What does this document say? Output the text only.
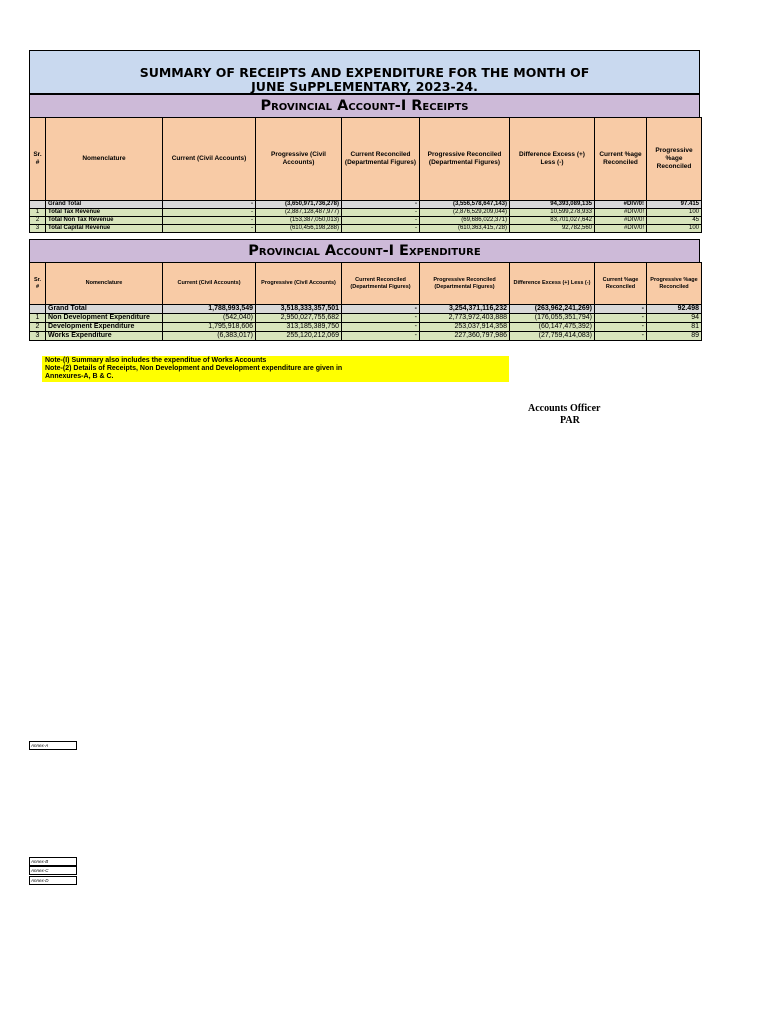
SUMMARY OF RECEIPTS AND EXPENDITURE FOR THE MONTH OF
JUNE SuPPLEMENTARY, 2023-24.
Provincial Account-I Receipts
Sr. #	Nomenclature	Current (Civil Accounts)	Progressive (Civil Accounts)	Current Reconciled (Departmental Figures)	Progressive Reconciled (Departmental Figures)	Difference Excess (+) Less (-)	Current %age Reconciled	Progressive %age Reconciled
	Grand Total	-	(3,650,971,736,278)	-	(3,556,578,647,143)	94,393,089,135	#DIV/0!	97.415
1	Total Tax Revenue	-	(2,887,128,487,977)	-	(2,876,529,209,044)	10,599,278,933	#DIV/0!	100
2	Total Non Tax Revenue	-	(153,387,050,013)	-	(69,686,022,371)	83,701,027,642	#DIV/0!	45
3	Total Capital Revenue	-	(610,456,198,288)	-	(610,363,415,728)	92,782,560	#DIV/0!	100
Provincial Account-I Expenditure
Sr. #	Nomenclature	Current (Civil Accounts)	Progressive (Civil Accounts)	Current Reconciled (Departmental Figures)	Progressive Reconciled (Departmental Figures)	Difference Excess (+) Less (-)	Current %age Reconciled	Progressive %age Reconciled
	Grand Total	1,788,993,549	3,518,333,357,501	-	3,254,371,116,232	(263,962,241,269)	-	92.498
1	Non Development Expenditure	(542,040)	2,950,027,755,682	-	2,773,972,403,888	(176,055,351,794)	-	94
2	Development Expenditure	1,795,918,606	313,185,389,750	-	253,037,914,358	(60,147,475,392)	-	81
3	Works Expenditure	(6,383,017)	255,120,212,069	-	227,360,797,986	(27,759,414,083)	-	89
Note-(I) Summary also includes the expenditue of Works Accounts
Note-(2) Details of Receipts, Non Development and Development expenditure are given in
Annexures-A, B & C.
Accounts Officer
PAR
Annex-A
Annex-B
Annex-C
Annex-D
